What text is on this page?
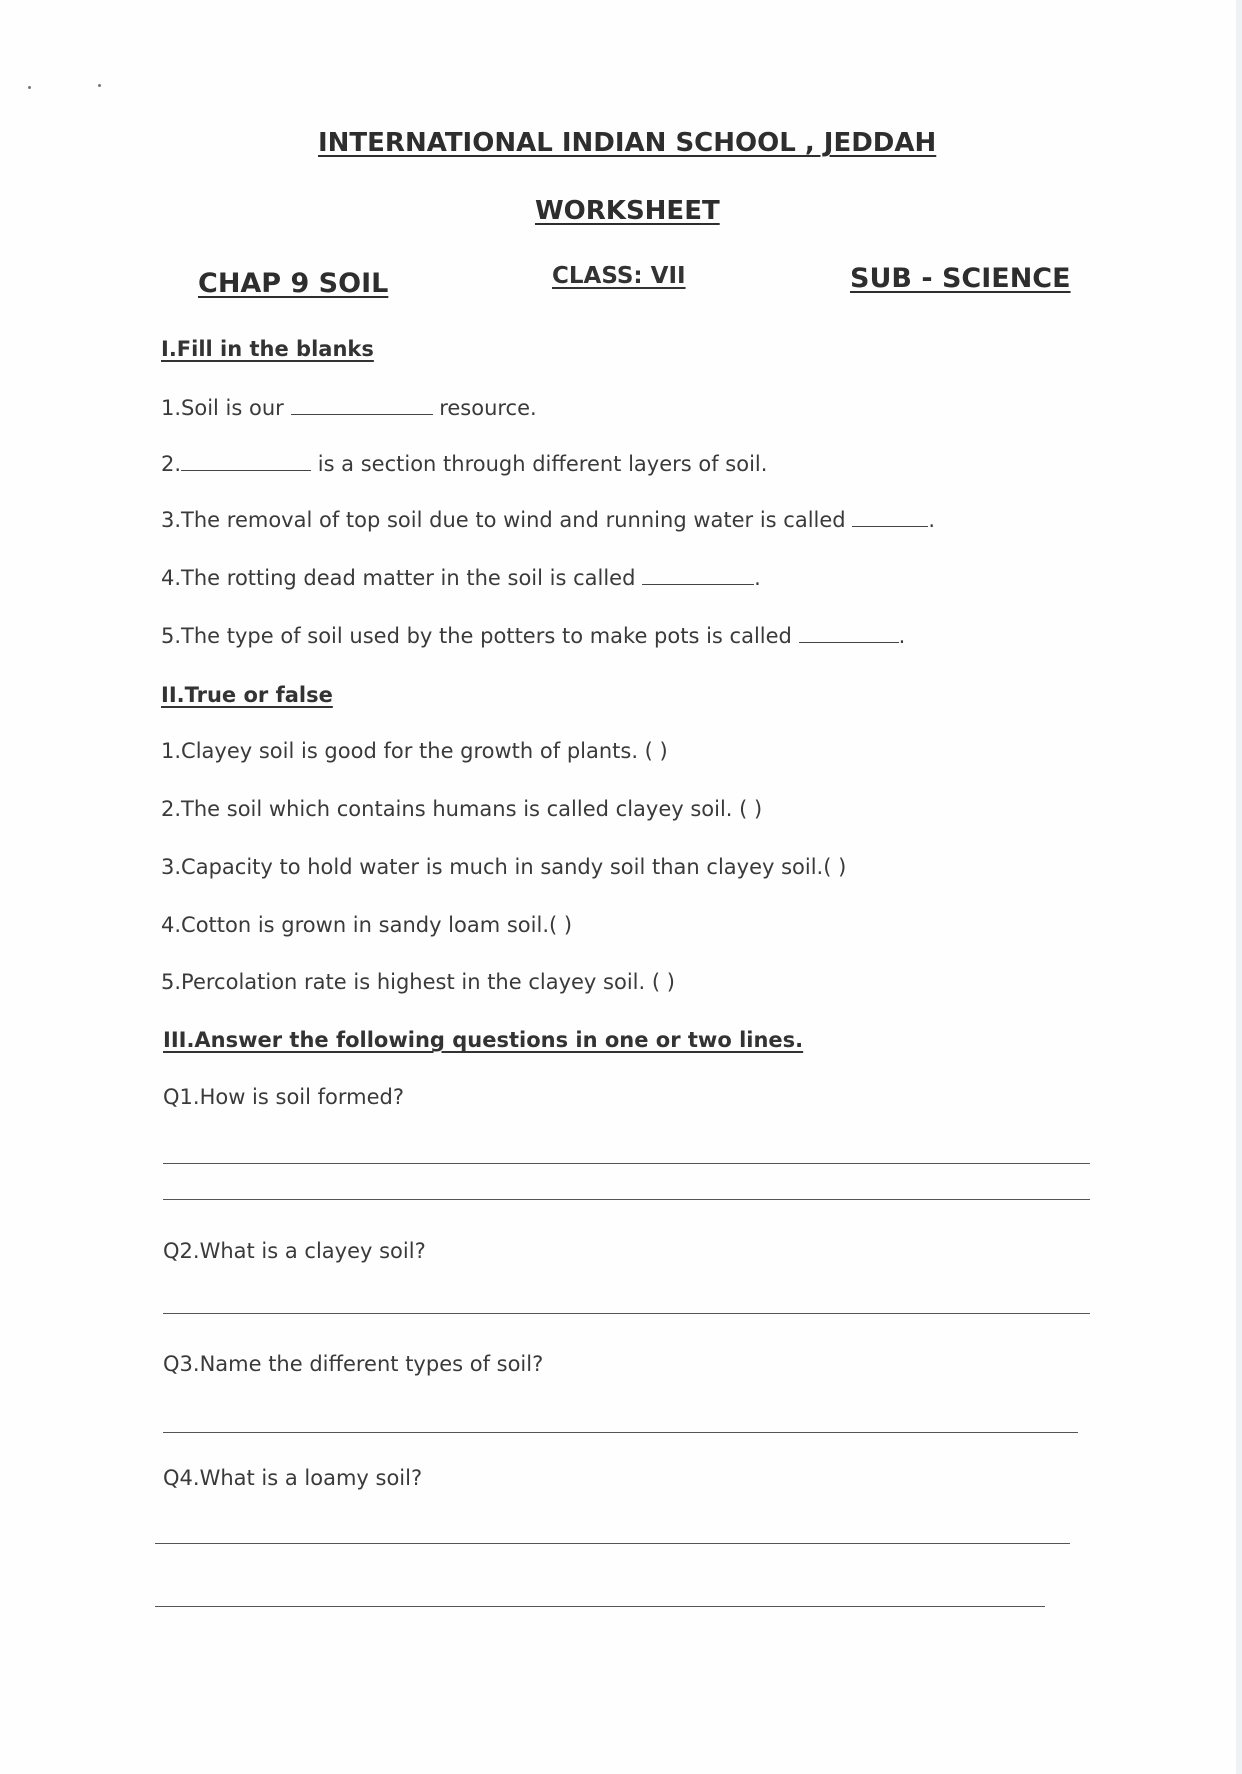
INTERNATIONAL INDIAN SCHOOL , JEDDAH
WORKSHEET
CHAP 9 SOIL	CLASS: VII	SUB - SCIENCE
I.Fill in the blanks
1.Soil is our	resource.
2.	is a section through different layers of soil.
3.The removal of top soil due to wind and running water is called	.
4.The rotting dead matter in the soil is called	.
5.The type of soil used by the potters to make pots is called	.
II.True or false
1.Clayey soil is good for the growth of plants. ( )
2.The soil which contains humans is called clayey soil. ( )
3.Capacity to hold water is much in sandy soil than clayey soil.( )
4.Cotton is grown in sandy loam soil.( )
5.Percolation rate is highest in the clayey soil. ( )
III.Answer the following questions in one or two lines.
Q1.How is soil formed?
Q2.What is a clayey soil?
Q3.Name the different types of soil?
Q4.What is a loamy soil?
